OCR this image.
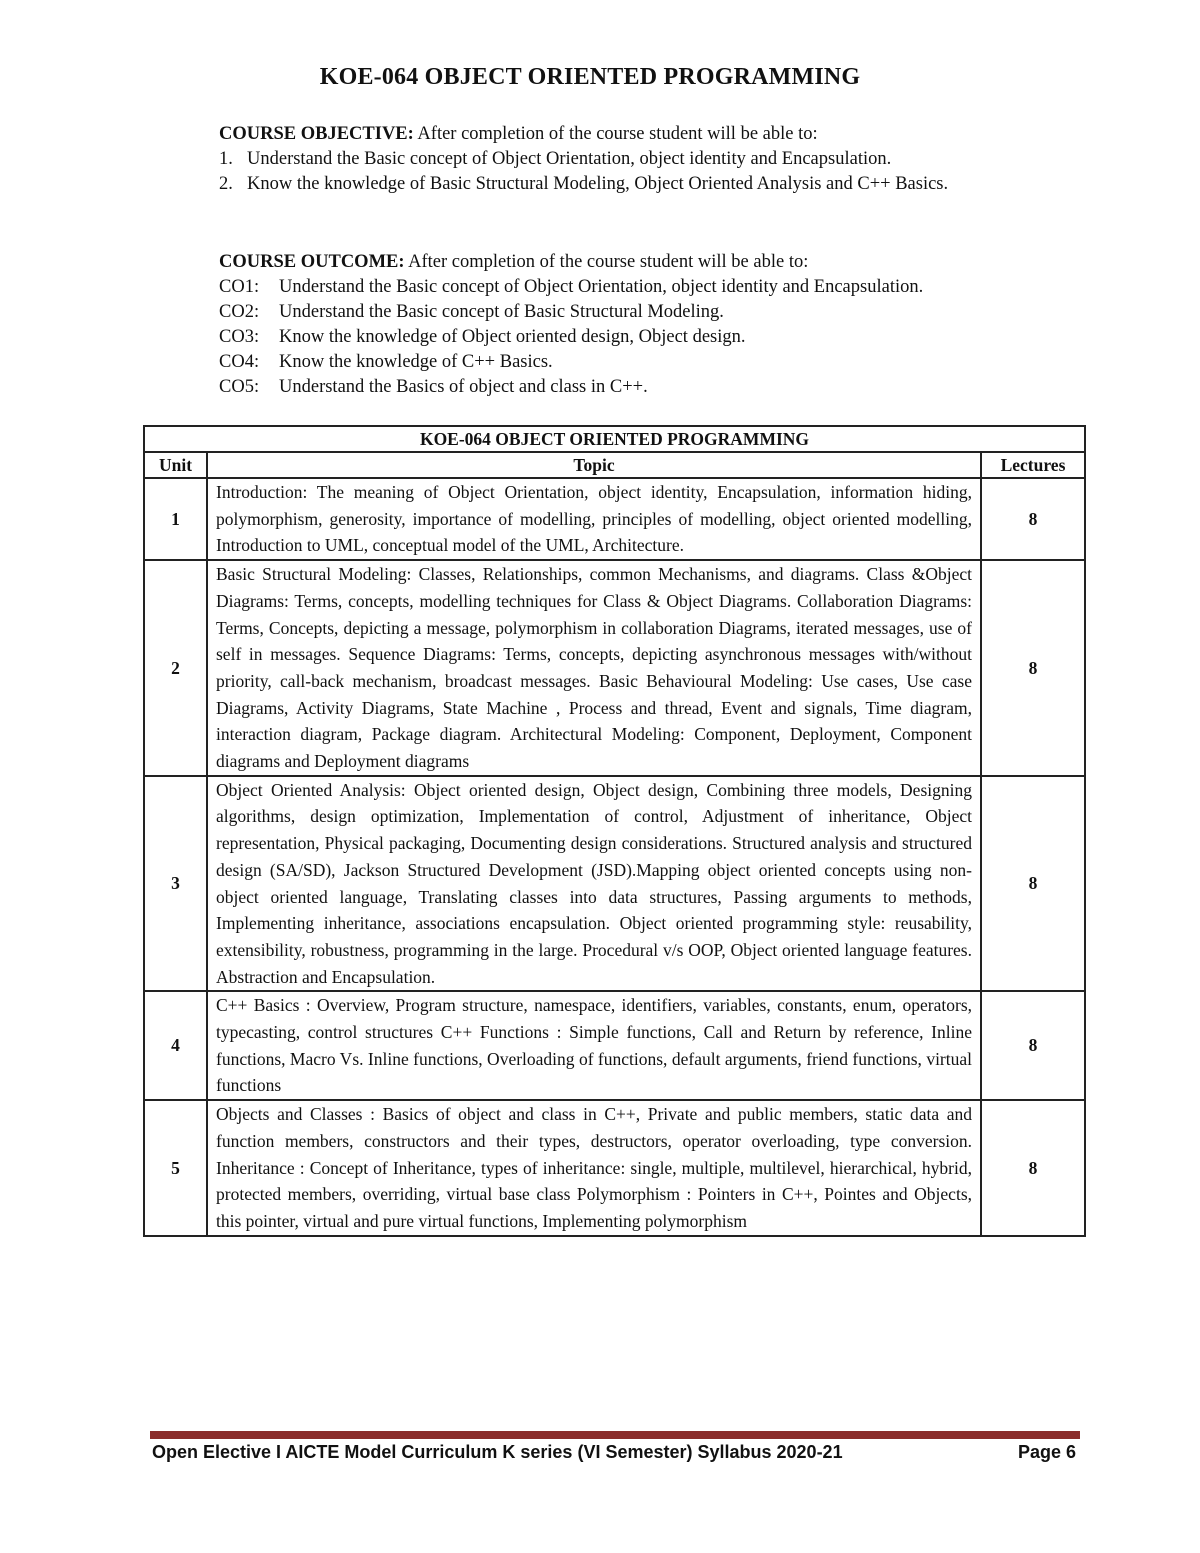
KOE-064 OBJECT ORIENTED PROGRAMMING
COURSE OBJECTIVE: After completion of the course student will be able to:
1. Understand the Basic concept of Object Orientation, object identity and Encapsulation.
2. Know the knowledge of Basic Structural Modeling, Object Oriented Analysis and C++ Basics.
COURSE OUTCOME: After completion of the course student will be able to:
CO1:	Understand the Basic concept of Object Orientation, object identity and Encapsulation.
CO2:	Understand the Basic concept of Basic Structural Modeling.
CO3:	Know the knowledge of Object oriented design, Object design.
CO4:	Know the knowledge of C++ Basics.
CO5:	Understand the Basics of object and class in C++.
KOE-064 OBJECT ORIENTED PROGRAMMING		
Unit	Topic	Lectures
1	Introduction: The meaning of Object Orientation, object identity, Encapsulation, information hiding, polymorphism, generosity, importance of modelling, principles of modelling, object oriented modelling, Introduction to UML, conceptual model of the UML, Architecture.	8
2	Basic Structural Modeling: Classes, Relationships, common Mechanisms, and diagrams. Class &Object Diagrams: Terms, concepts, modelling techniques for Class & Object Diagrams. Collaboration Diagrams: Terms, Concepts, depicting a message, polymorphism in collaboration Diagrams, iterated messages, use of self in messages. Sequence Diagrams: Terms, concepts, depicting asynchronous messages with/without priority, call-back mechanism, broadcast messages. Basic Behavioural Modeling: Use cases, Use case Diagrams, Activity Diagrams, State Machine , Process and thread, Event and signals, Time diagram, interaction diagram, Package diagram. Architectural Modeling: Component, Deployment, Component diagrams and Deployment diagrams	8
3	Object Oriented Analysis: Object oriented design, Object design, Combining three models, Designing algorithms, design optimization, Implementation of control, Adjustment of inheritance, Object representation, Physical packaging, Documenting design considerations. Structured analysis and structured design (SA/SD), Jackson Structured Development (JSD).Mapping object oriented concepts using non-object oriented language, Translating classes into data structures, Passing arguments to methods, Implementing inheritance, associations encapsulation. Object oriented programming style: reusability, extensibility, robustness, programming in the large. Procedural v/s OOP, Object oriented language features. Abstraction and Encapsulation.	8
4	C++ Basics : Overview, Program structure, namespace, identifiers, variables, constants, enum, operators, typecasting, control structures C++ Functions : Simple functions, Call and Return by reference, Inline functions, Macro Vs. Inline functions, Overloading of functions, default arguments, friend functions, virtual functions	8
5	Objects and Classes : Basics of object and class in C++, Private and public members, static data and function members, constructors and their types, destructors, operator overloading, type conversion. Inheritance : Concept of Inheritance, types of inheritance: single, multiple, multilevel, hierarchical, hybrid, protected members, overriding, virtual base class Polymorphism : Pointers in C++, Pointes and Objects, this pointer, virtual and pure virtual functions, Implementing polymorphism	8
Open Elective I AICTE Model Curriculum K series (VI Semester) Syllabus 2020-21	Page 6
